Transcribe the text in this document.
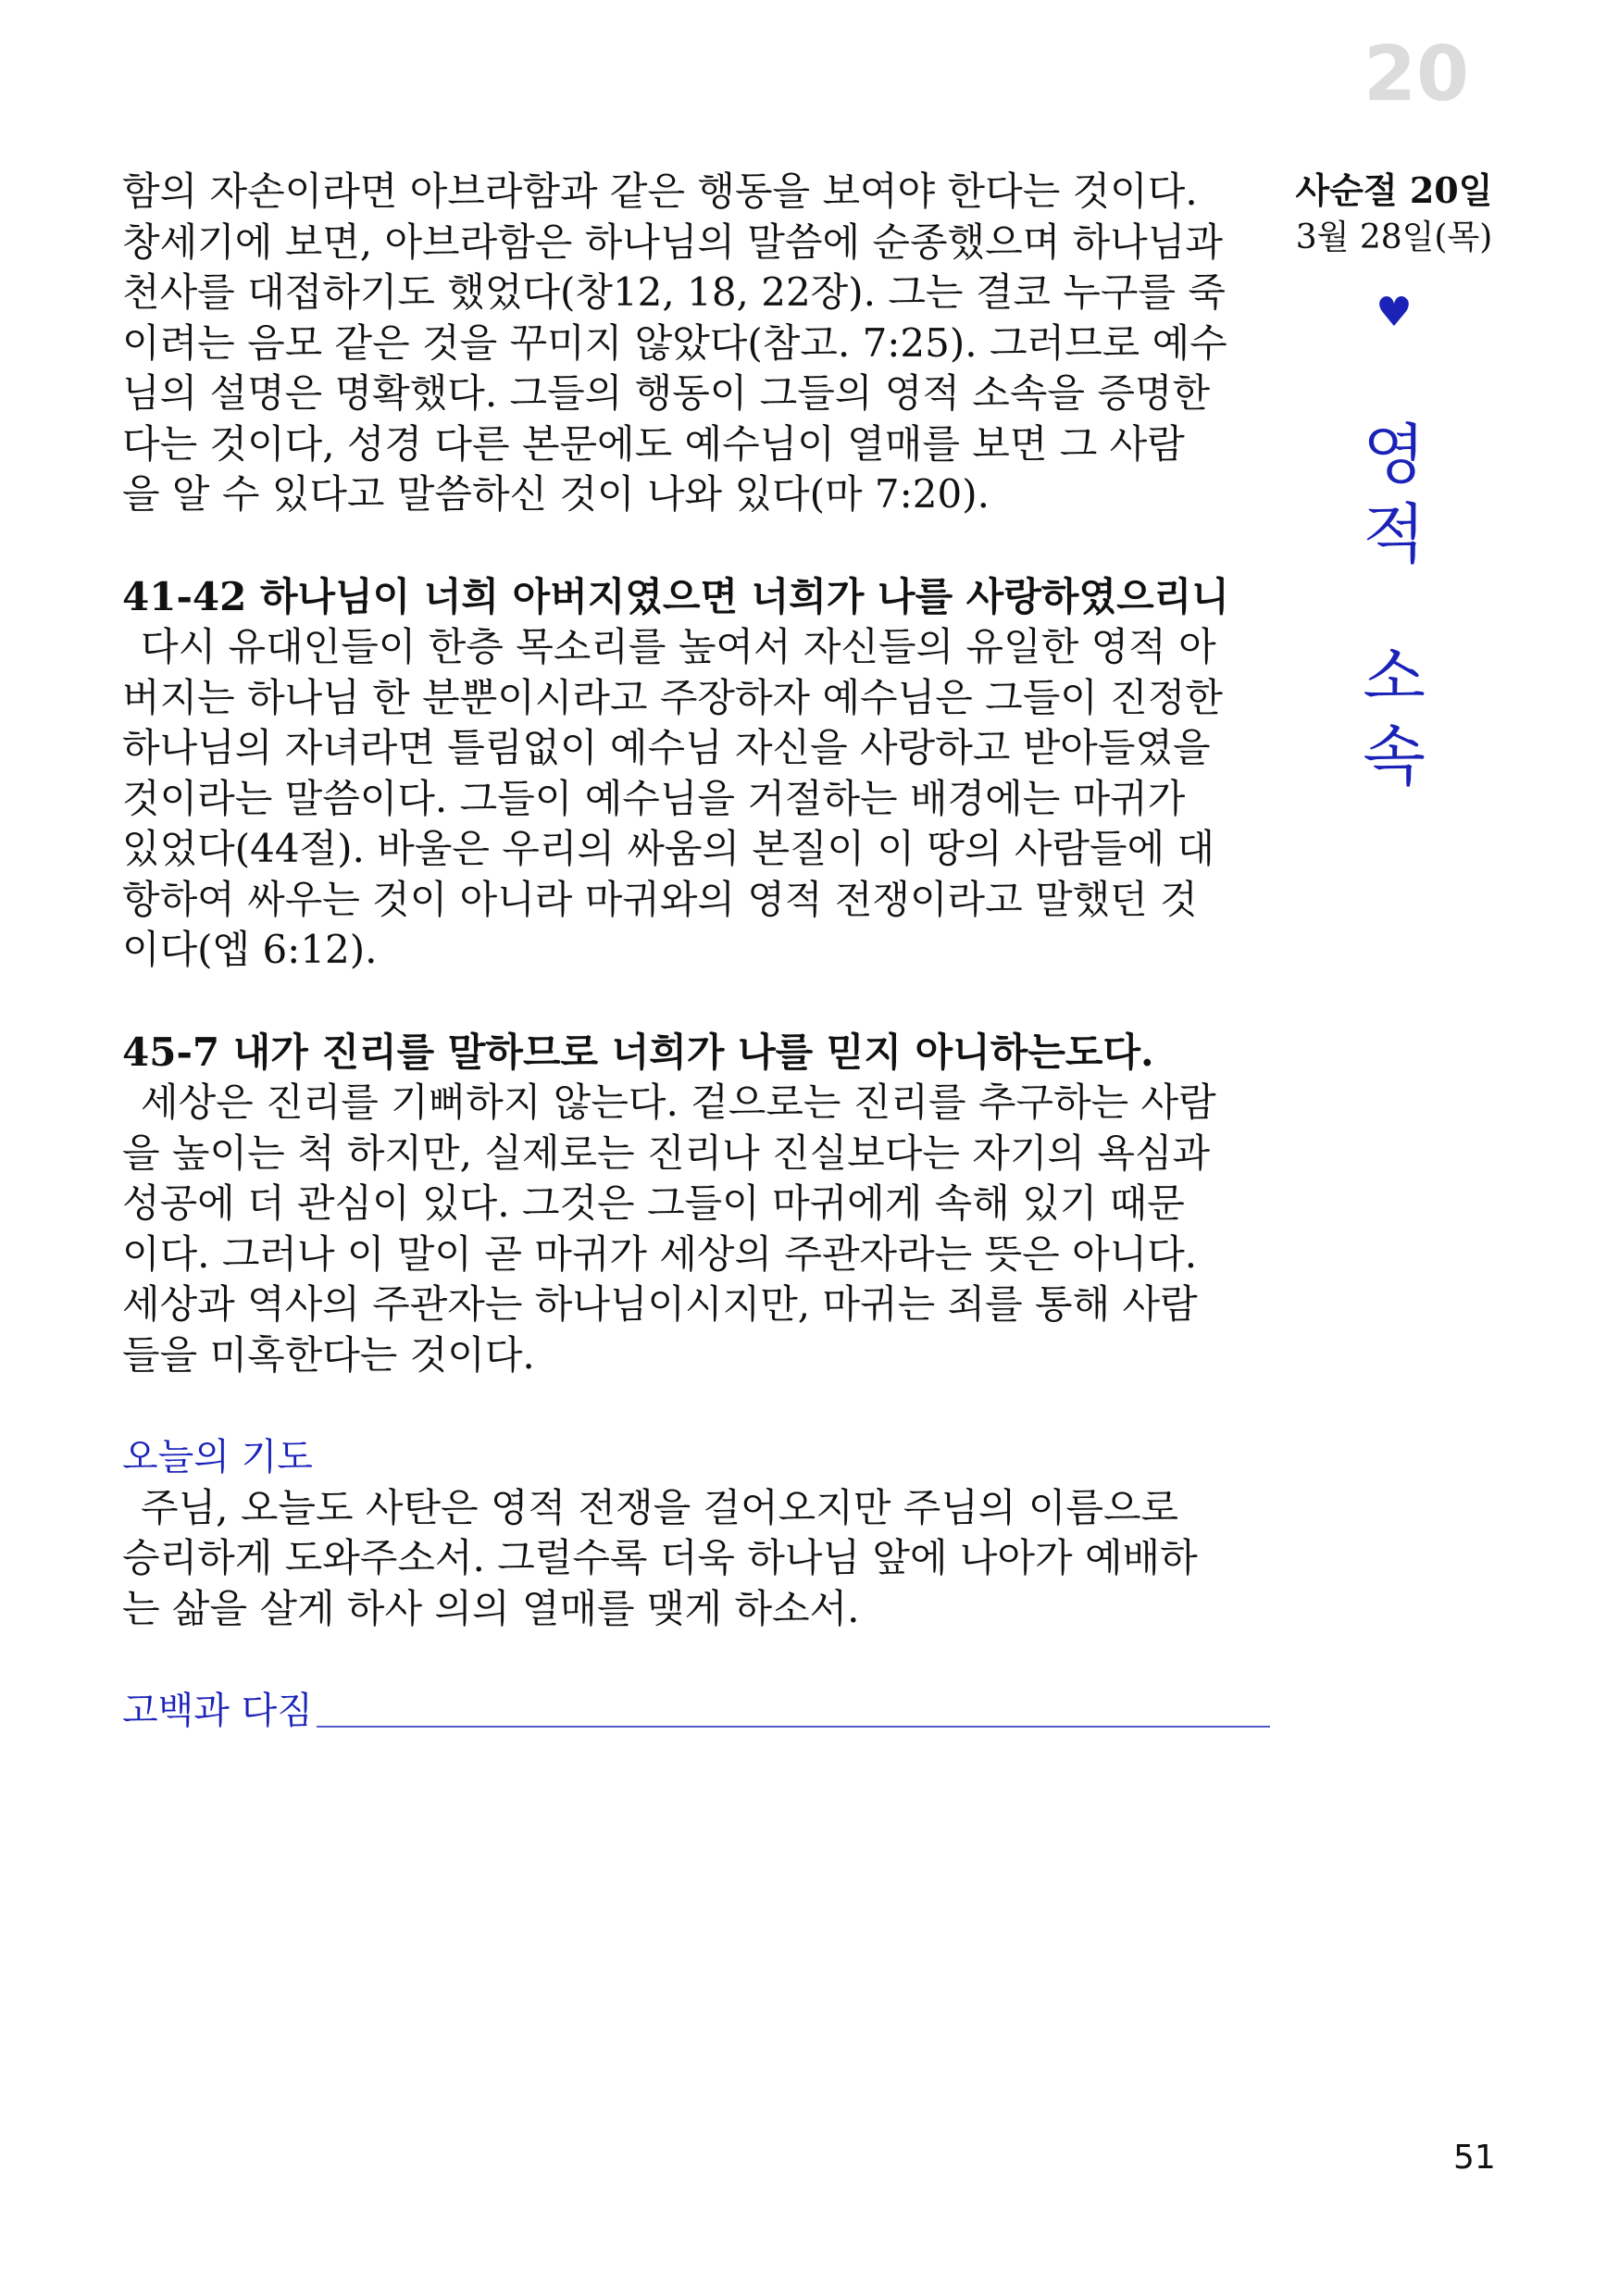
20

함의 자손이라면 아브라함과 같은 행동을 보여야 한다는 것이다.

창세기에 보면, 아브라함은 하나님의 말씀에 순종했으며 하나님과

천사를 대접하기도 했었다(창12, 18, 22장). 그는 결코 누구를 죽

이려는 음모 같은 것을 꾸미지 않았다(참고. 7:25). 그러므로 예수

님의 설명은 명확했다. 그들의 행동이 그들의 영적 소속을 증명한

다는 것이다, 성경 다른 본문에도 예수님이 열매를 보면 그 사람

을 알 수 있다고 말씀하신 것이 나와 있다(마 7:20).

41-42 하나님이 너희 아버지였으면 너희가 나를 사랑하였으리니

다시 유대인들이 한층 목소리를 높여서 자신들의 유일한 영적 아

버지는 하나님 한 분뿐이시라고 주장하자 예수님은 그들이 진정한

하나님의 자녀라면 틀림없이 예수님 자신을 사랑하고 받아들였을

것이라는 말씀이다. 그들이 예수님을 거절하는 배경에는 마귀가

있었다(44절). 바울은 우리의 싸움의 본질이 이 땅의 사람들에 대

항하여 싸우는 것이 아니라 마귀와의 영적 전쟁이라고 말했던 것

이다(엡 6:12).

45-7 내가 진리를 말하므로 너희가 나를 믿지 아니하는도다.

세상은 진리를 기뻐하지 않는다. 겉으로는 진리를 추구하는 사람

을 높이는 척 하지만, 실제로는 진리나 진실보다는 자기의 욕심과

성공에 더 관심이 있다. 그것은 그들이 마귀에게 속해 있기 때문

이다. 그러나 이 말이 곧 마귀가 세상의 주관자라는 뜻은 아니다.

세상과 역사의 주관자는 하나님이시지만, 마귀는 죄를 통해 사람

들을 미혹한다는 것이다.

오늘의 기도

주님, 오늘도 사탄은 영적 전쟁을 걸어오지만 주님의 이름으로

승리하게 도와주소서. 그럴수록 더욱 하나님 앞에 나아가 예배하

는 삶을 살게 하사 의의 열매를 맺게 하소서.

고백과 다짐
사순절 20일
3월 28일(목)
♥
영
적
소
속
51
